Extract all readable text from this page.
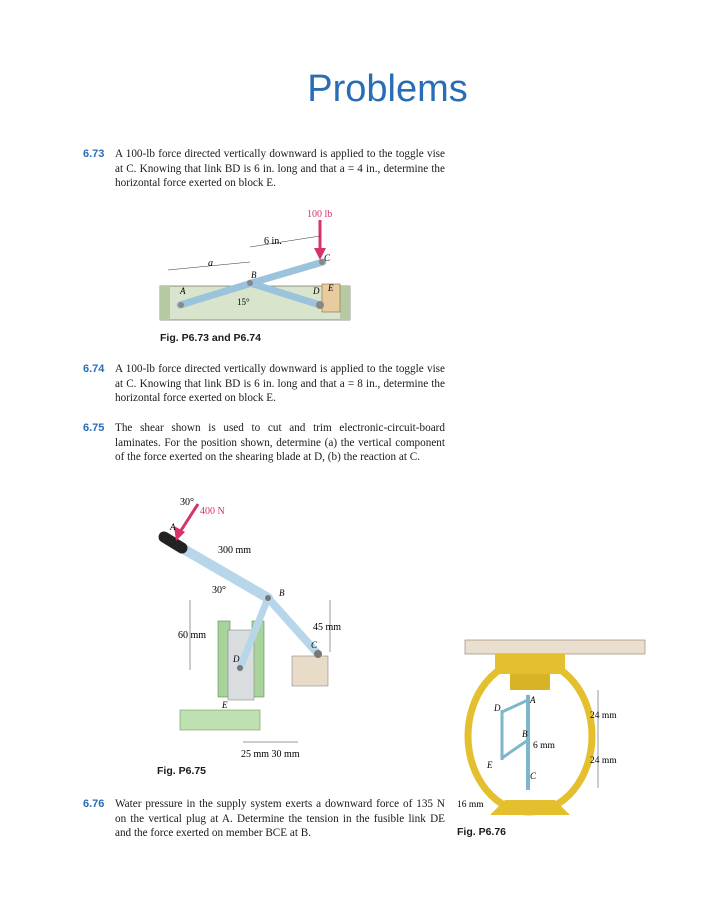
Problems
6.73 A 100-lb force directed vertically downward is applied to the toggle vise at C. Knowing that link BD is 6 in. long and that a = 4 in., determine the horizontal force exerted on block E.
100 lb
6 in.
a
15°
A
B
C
D E
Fig. P6.73 and P6.74
6.74 A 100-lb force directed vertically downward is applied to the toggle vise at C. Knowing that link BD is 6 in. long and that a = 8 in., determine the horizontal force exerted on block E.
6.75 The shear shown is used to cut and trim electronic-circuit-board laminates. For the position shown, determine (a) the vertical component of the force exerted on the shearing blade at D, (b) the reaction at C.
400 N
30°
30°
300 mm
60 mm
45 mm
25 mm 30 mm
A
B
C
D
E
Fig. P6.75
24 mm
24 mm
6 mm
16 mm
A
B
C
D
E
Fig. P6.76
6.76 Water pressure in the supply system exerts a downward force of 135 N on the vertical plug at A. Determine the tension in the fusible link DE and the force exerted on member BCE at B.
